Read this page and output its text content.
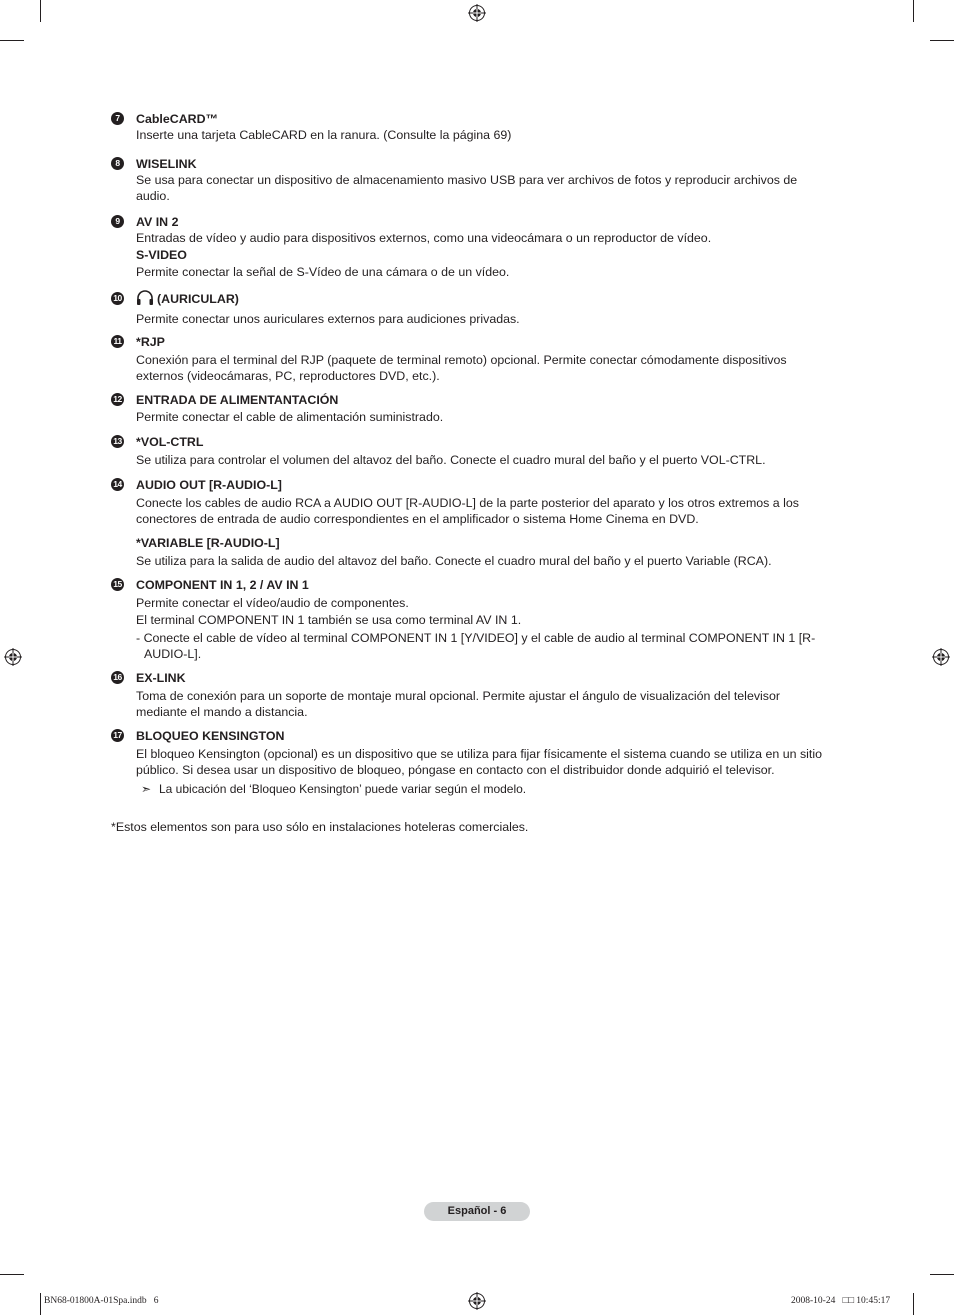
7	CableCARD™
Inserte una tarjeta CableCARD en la ranura. (Consulte la página 69)
8	WISELINK
Se usa para conectar un dispositivo de almacenamiento masivo USB para ver archivos de fotos y reproducir archivos de audio.
9	AV IN 2
Entradas de vídeo y audio para dispositivos externos, como una videocámara o un reproductor de vídeo.
S-VIDEO
Permite conectar la señal de S-Vídeo de una cámara o de un vídeo.
10	(AURICULAR)
Permite conectar unos auriculares externos para audiciones privadas.
11 *RJP
Conexión para el terminal del RJP (paquete de terminal remoto) opcional. Permite conectar cómodamente dispositivos externos (videocámaras, PC, reproductores DVD, etc.).
12 ENTRADA DE ALIMENTANTACIÓN
Permite conectar el cable de alimentación suministrado.
13 *VOL-CTRL
Se utiliza para controlar el volumen del altavoz del baño. Conecte el cuadro mural del baño y el puerto VOL-CTRL.
14 AUDIO OUT [R-AUDIO-L]
Conecte los cables de audio RCA a AUDIO OUT [R-AUDIO-L] de la parte posterior del aparato y los otros extremos a los conectores de entrada de audio correspondientes en el amplificador o sistema Home Cinema en DVD.
*VARIABLE [R-AUDIO-L]
Se utiliza para la salida de audio del altavoz del baño. Conecte el cuadro mural del baño y el puerto Variable (RCA).
15 COMPONENT IN 1, 2 / AV IN 1
Permite conectar el vídeo/audio de componentes.
El terminal COMPONENT IN 1 también se usa como terminal AV IN 1.
- Conecte el cable de vídeo al terminal COMPONENT IN 1 [Y/VIDEO] y el cable de audio al terminal COMPONENT IN 1 [R-AUDIO-L].
16 EX-LINK
Toma de conexión para un soporte de montaje mural opcional. Permite ajustar el ángulo de visualización del televisor mediante el mando a distancia.
17 BLOQUEO KENSINGTON
El bloqueo Kensington (opcional) es un dispositivo que se utiliza para fijar físicamente el sistema cuando se utiliza en un sitio público. Si desea usar un dispositivo de bloqueo, póngase en contacto con el distribuidor donde adquirió el televisor.
➣ La ubicación del ‘Bloqueo Kensington’ puede variar según el modelo.
*Estos elementos son para uso sólo en instalaciones hoteleras comerciales.
Español - 6
BN68-01800A-01Spa.indb   6	2008-10-24   □□ 10:45:17
